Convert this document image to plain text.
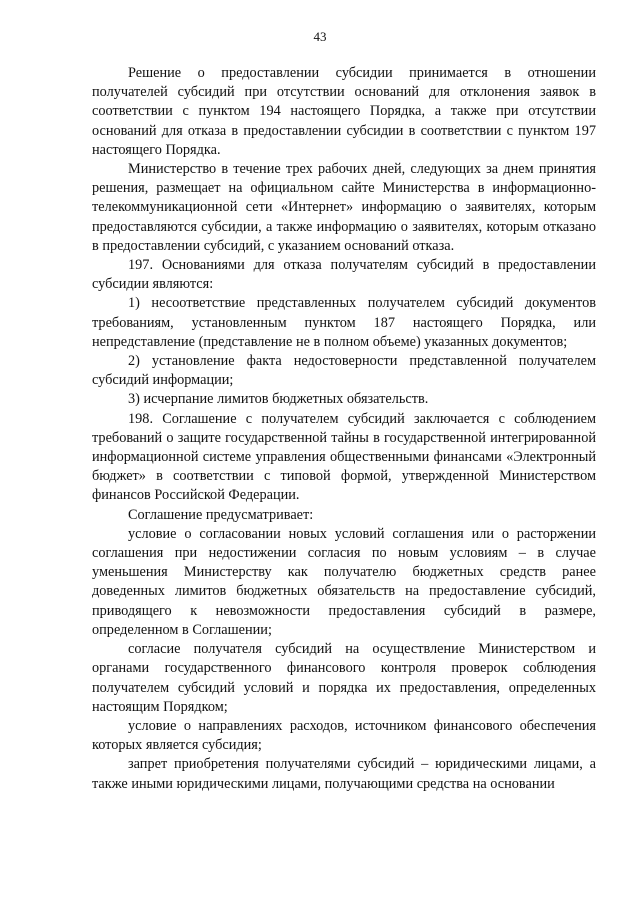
43

Решение о предоставлении субсидии принимается в отношении получателей субсидий при отсутствии оснований для отклонения заявок в соответствии с пунктом 194 настоящего Порядка, а также при отсутствии оснований для отказа в предоставлении субсидии в соответствии с пунктом 197 настоящего Порядка.

Министерство в течение трех рабочих дней, следующих за днем принятия решения, размещает на официальном сайте Министерства в информационно-телекоммуникационной сети «Интернет» информацию о заявителях, которым предоставляются субсидии, а также информацию о заявителях, которым отказано в предоставлении субсидий, с указанием оснований отказа.

197. Основаниями для отказа получателям субсидий в предоставлении субсидии являются:

1) несоответствие представленных получателем субсидий документов требованиям, установленным пунктом 187 настоящего Порядка, или непредставление (представление не в полном объеме) указанных документов;

2) установление факта недостоверности представленной получателем субсидий информации;

3) исчерпание лимитов бюджетных обязательств.

198. Соглашение с получателем субсидий заключается с соблюдением требований о защите государственной тайны в государственной интегрированной информационной системе управления общественными финансами «Электронный бюджет» в соответствии с типовой формой, утвержденной Министерством финансов Российской Федерации.

Соглашение предусматривает:

условие о согласовании новых условий соглашения или о расторжении соглашения при недостижении согласия по новым условиям – в случае уменьшения Министерству как получателю бюджетных средств ранее доведенных лимитов бюджетных обязательств на предоставление субсидий, приводящего к невозможности предоставления субсидий в размере, определенном в Соглашении;

согласие получателя субсидий на осуществление Министерством и органами государственного финансового контроля проверок соблюдения получателем субсидий условий и порядка их предоставления, определенных настоящим Порядком;

условие о направлениях расходов, источником финансового обеспечения которых является субсидия;

запрет приобретения получателями субсидий – юридическими лицами, а также иными юридическими лицами, получающими средства на основании
